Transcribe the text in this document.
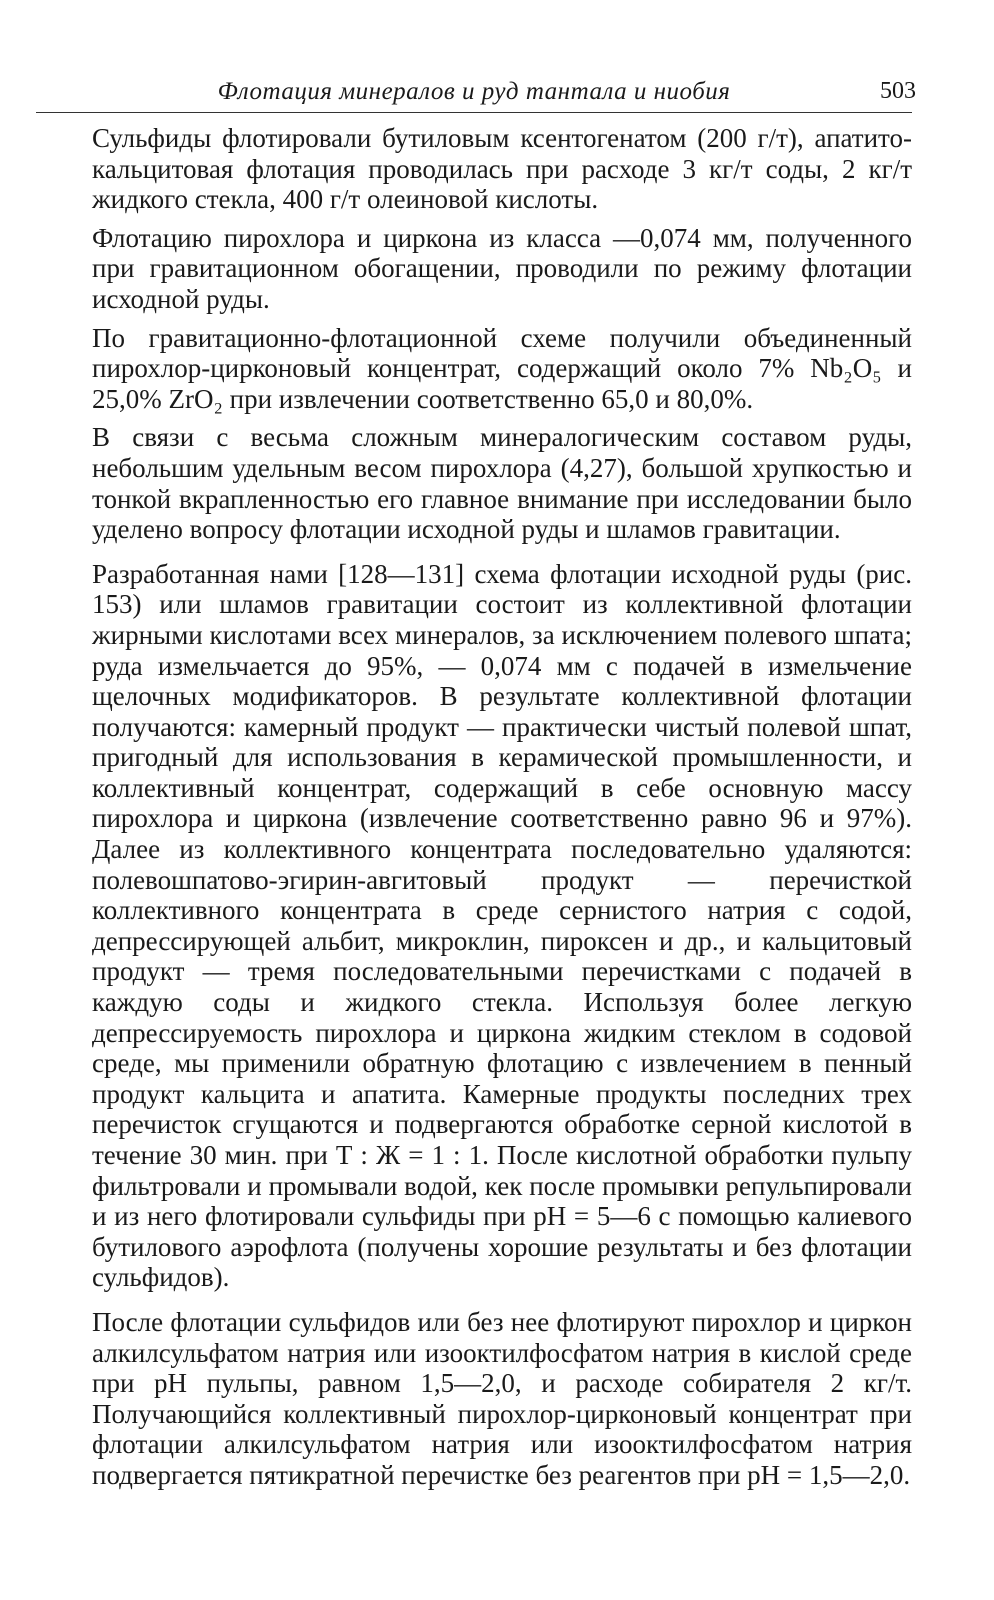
Флотация минералов и руд тантала и ниобия	503

Сульфиды флотировали бутиловым ксентогенатом (200 г/т), апатито-кальцитовая флотация проводилась при расходе 3 кг/т соды, 2 кг/т жидкого стекла, 400 г/т олеиновой кислоты.

Флотацию пирохлора и циркона из класса —0,074 мм, полученного при гравитационном обогащении, проводили по режиму флотации исходной руды.

По гравитационно-флотационной схеме получили объединенный пирохлор-цирконовый концентрат, содержащий около 7% Nb₂O₅ и 25,0% ZrO₂ при извлечении соответственно 65,0 и 80,0%.

В связи с весьма сложным минералогическим составом руды, небольшим удельным весом пирохлора (4,27), большой хрупкостью и тонкой вкрапленностью его главное внимание при исследовании было уделено вопросу флотации исходной руды и шламов гравитации.

Разработанная нами [128—131] схема флотации исходной руды (рис. 153) или шламов гравитации состоит из коллективной флотации жирными кислотами всех минералов, за исключением полевого шпата; руда измельчается до 95%, — 0,074 мм с подачей в измельчение щелочных модификаторов. В результате коллективной флотации получаются: камерный продукт — практически чистый полевой шпат, пригодный для использования в керамической промышленности, и коллективный концентрат, содержащий в себе основную массу пирохлора и циркона (извлечение соответственно равно 96 и 97%). Далее из коллективного концентрата последовательно удаляются: полевошпатово-эгирин-авгитовый продукт — перечисткой коллективного концентрата в среде сернистого натрия с содой, депрессирующей альбит, микроклин, пироксен и др., и кальцитовый продукт — тремя последовательными перечистками с подачей в каждую соды и жидкого стекла. Используя более легкую депрессируемость пирохлора и циркона жидким стеклом в содовой среде, мы применили обратную флотацию с извлечением в пенный продукт кальцита и апатита. Камерные продукты последних трех перечисток сгущаются и подвергаются обработке серной кислотой в течение 30 мин. при Т : Ж = 1 : 1. После кислотной обработки пульпу фильтровали и промывали водой, кек после промывки репульпировали и из него флотировали сульфиды при pH = 5—6 с помощью калиевого бутилового аэрофлота (получены хорошие результаты и без флотации сульфидов).

После флотации сульфидов или без нее флотируют пирохлор и циркон алкилсульфатом натрия или изооктилфосфатом натрия в кислой среде при pH пульпы, равном 1,5—2,0, и расходе собирателя 2 кг/т. Получающийся коллективный пирохлор-цирконовый концентрат при флотации алкилсульфатом натрия или изооктилфосфатом натрия подвергается пятикратной перечистке без реагентов при pH = 1,5—2,0.
